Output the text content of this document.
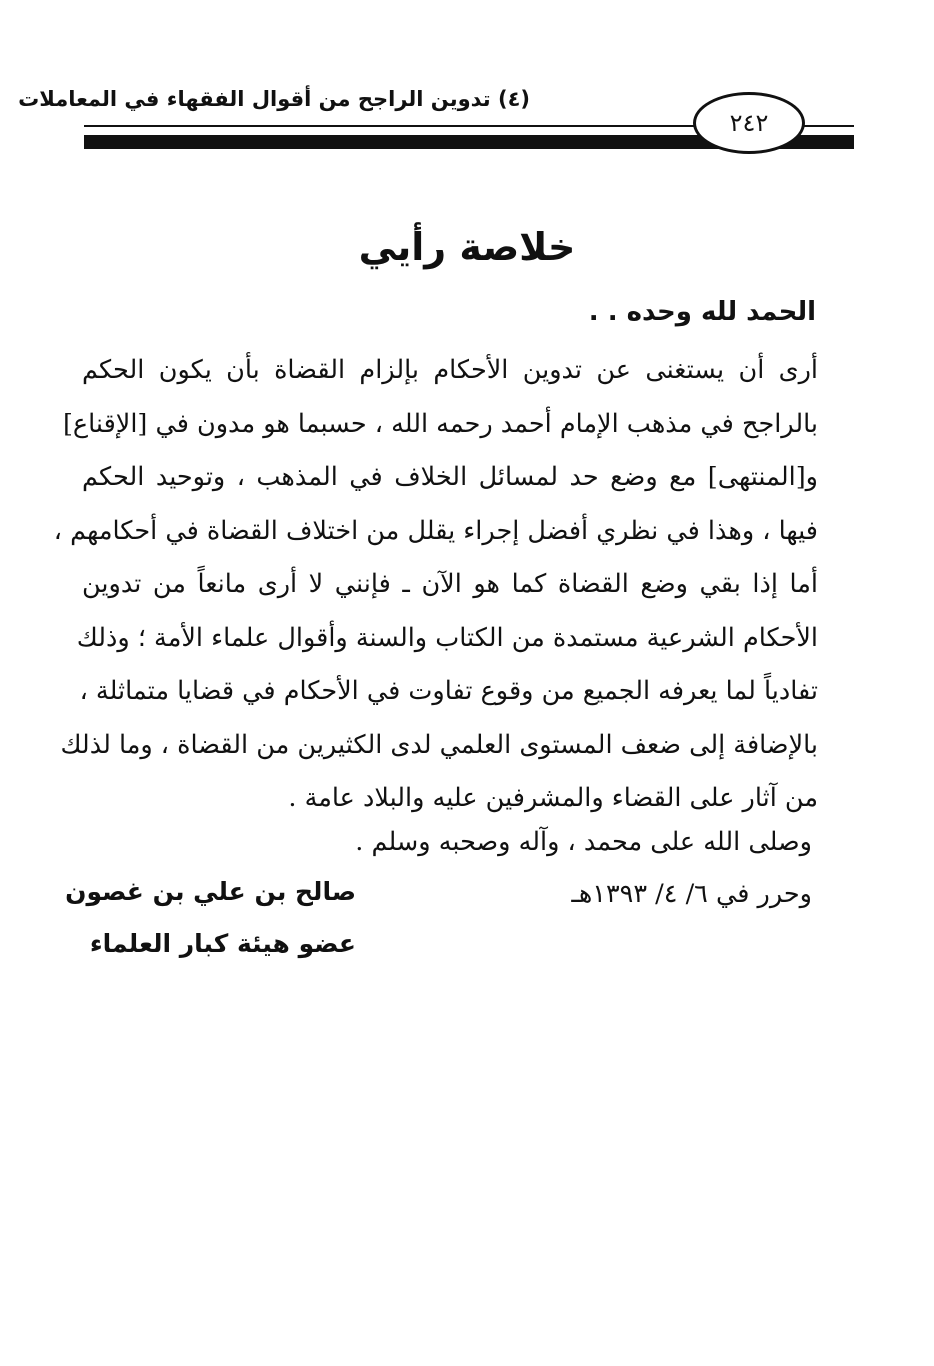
(٤) تدوين الراجح من أقوال الفقهاء في المعاملات
٢٤٢
خلاصة رأيي
الحمد لله وحده . .
أرى أن يستغنى عن تدوين الأحكام بإلزام القضاة بأن يكون الحكم
بالراجح في مذهب الإمام أحمد رحمه الله ، حسبما هو مدون في [الإقناع]
و[المنتهى] مع وضع حد لمسائل الخلاف في المذهب ، وتوحيد الحكم
فيها ، وهذا في نظري أفضل إجراء يقلل من اختلاف القضاة في أحكامهم ،
أما إذا بقي وضع القضاة كما هو الآن ـ فإنني لا أرى مانعاً من تدوين
الأحكام الشرعية مستمدة من الكتاب والسنة وأقوال علماء الأمة ؛ وذلك
تفادياً لما يعرفه الجميع من وقوع تفاوت في الأحكام في قضايا متماثلة ،
بالإضافة إلى ضعف المستوى العلمي لدى الكثيرين من القضاة ، وما لذلك
من آثار على القضاء والمشرفين عليه والبلاد عامة .
وصلى الله على محمد ، وآله وصحبه وسلم .
وحرر في ٦/ ٤/ ١٣٩٣هـ
صالح بن علي بن غصون
عضو هيئة كبار العلماء
